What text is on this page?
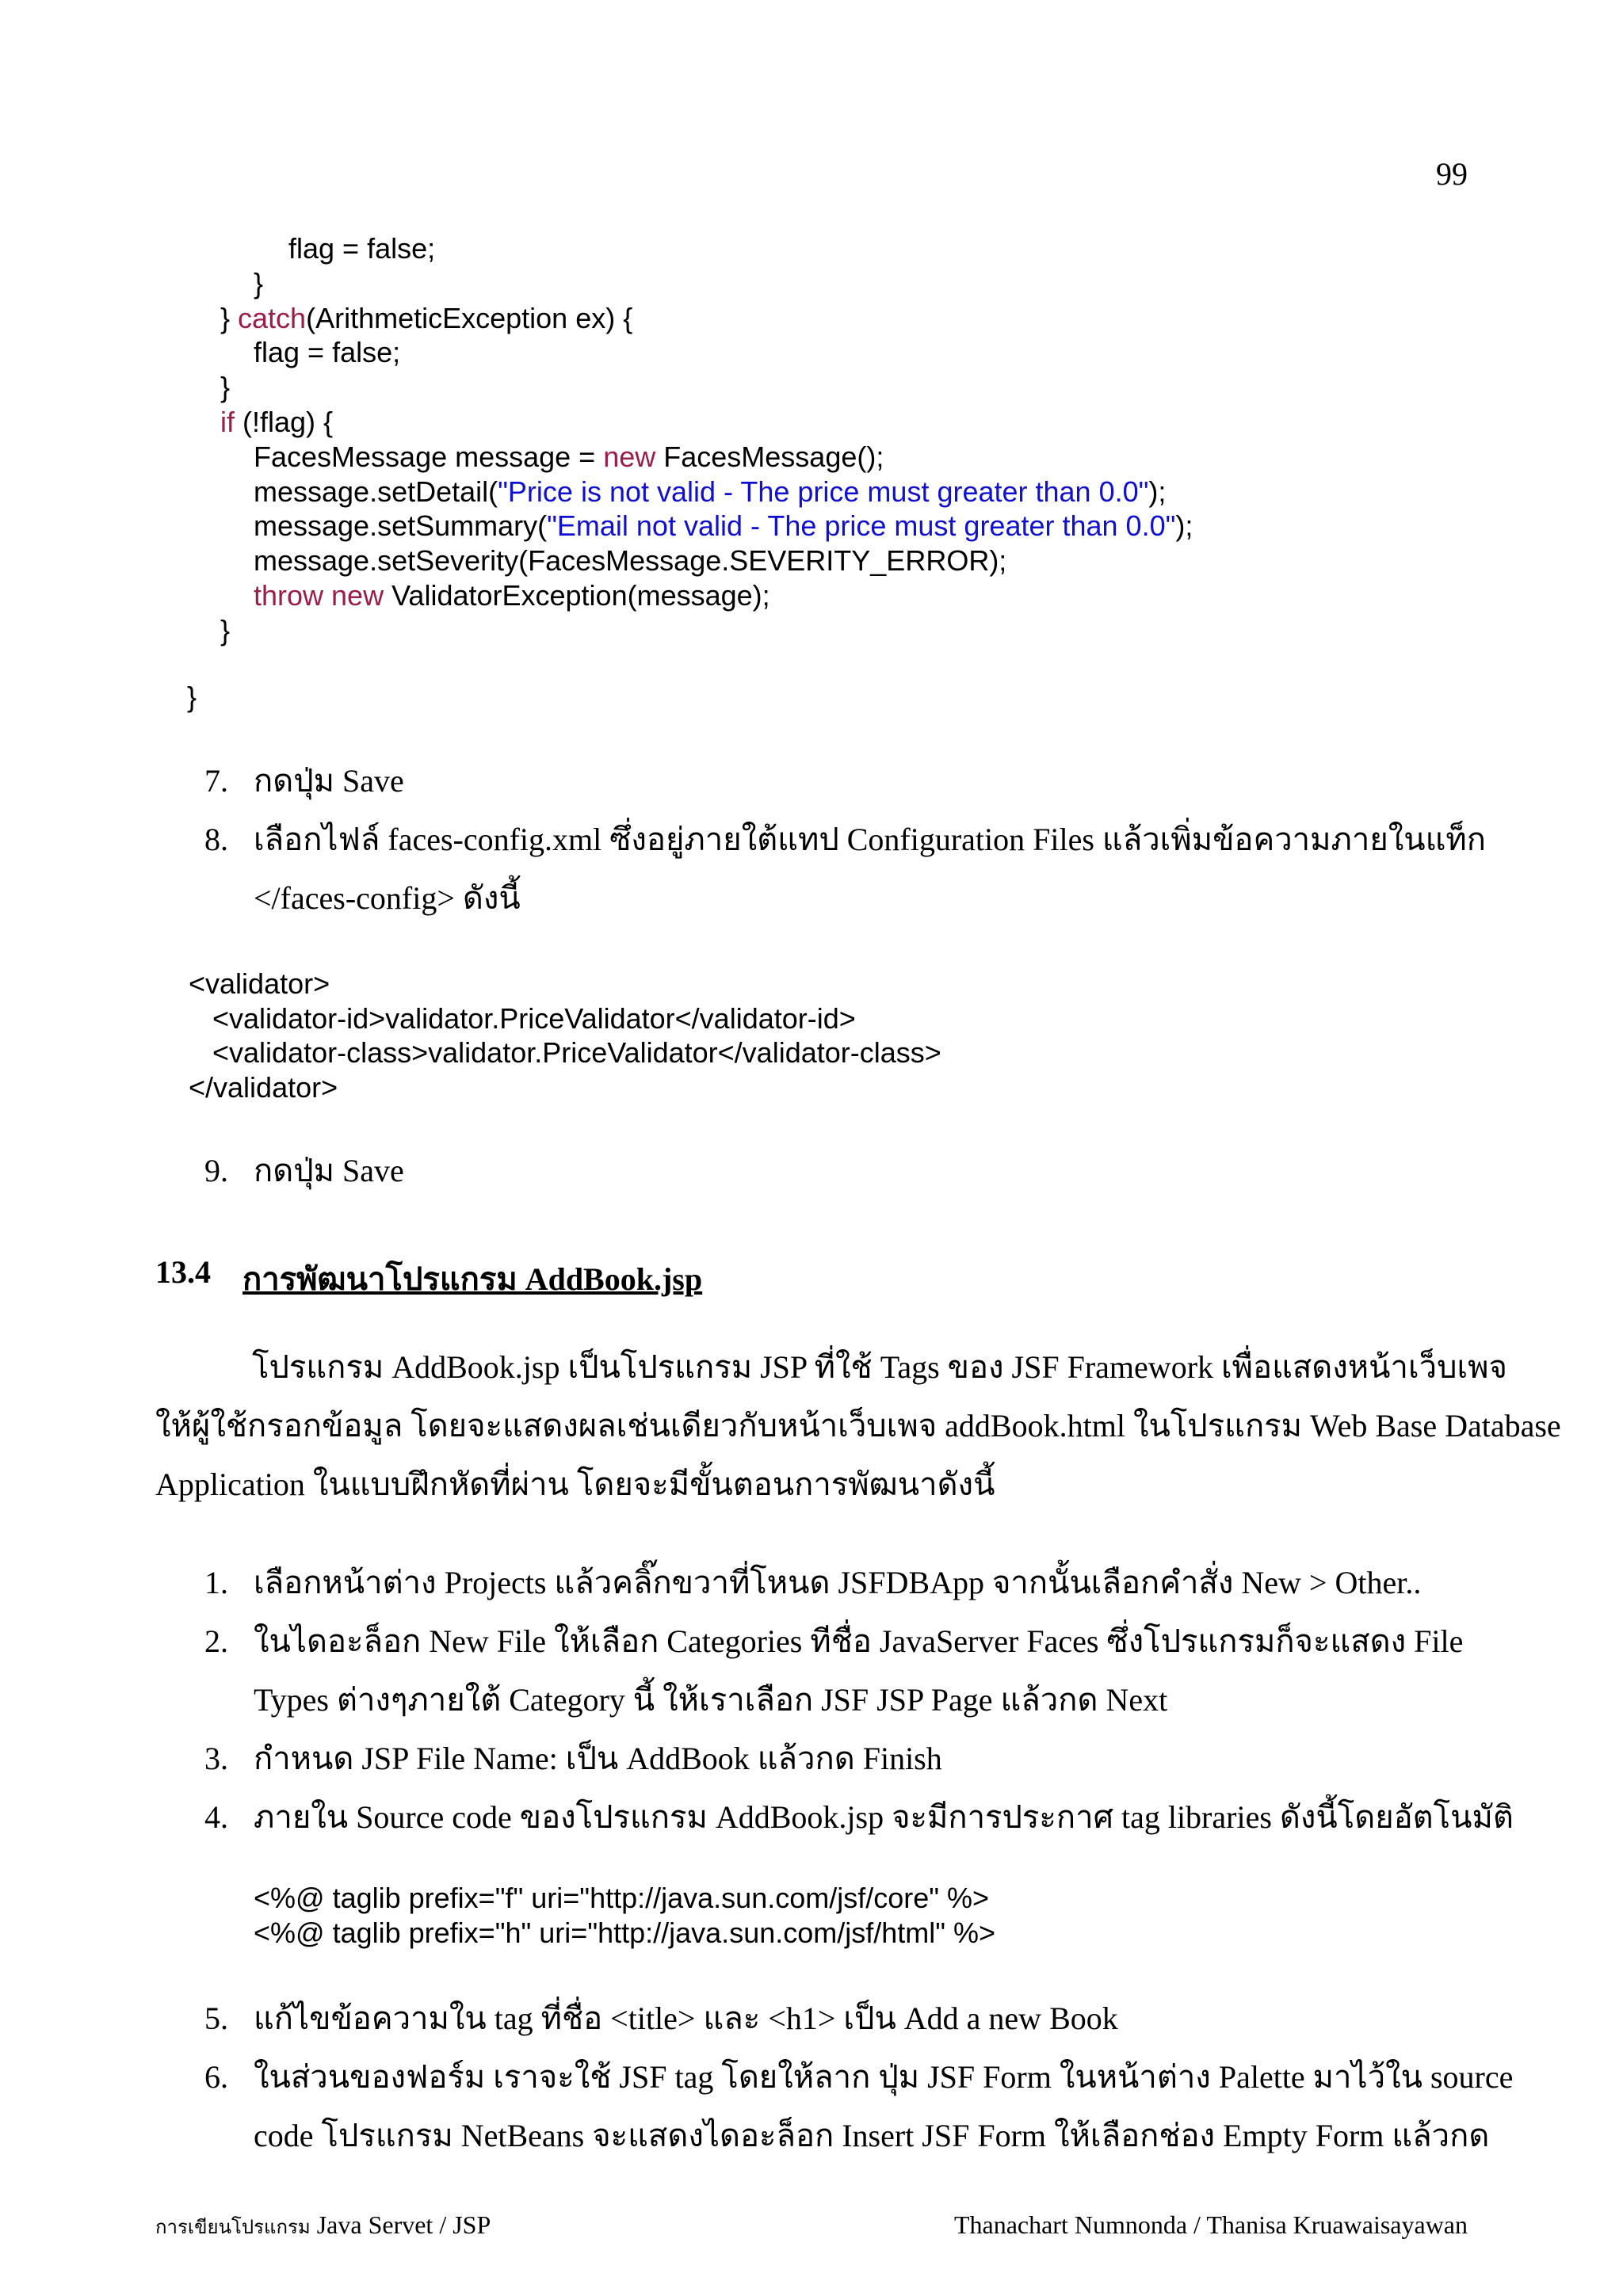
99
flag = false;
}
} catch(ArithmeticException ex) {
flag = false;
}
if (!flag) {
FacesMessage message = new FacesMessage();
message.setDetail("Price is not valid - The price must greater than 0.0");
message.setSummary("Email not valid - The price must greater than 0.0");
message.setSeverity(FacesMessage.SEVERITY_ERROR);
throw new ValidatorException(message);
}
}
7. กดปุ่ม Save
8. เลือกไฟล์ faces-config.xml ซึ่งอยู่ภายใต้แทป Configuration Files แล้วเพิ่มข้อความภายในแท็ก
</faces-config> ดังนี้
<validator>
<validator-id>validator.PriceValidator</validator-id>
<validator-class>validator.PriceValidator</validator-class>
</validator>
9. กดปุ่ม Save
13.4 การพัฒนาโปรแกรม AddBook.jsp
โปรแกรม AddBook.jsp เป็นโปรแกรม JSP ที่ใช้ Tags ของ JSF Framework เพื่อแสดงหน้าเว็บเพจ
ให้ผู้ใช้กรอกข้อมูล โดยจะแสดงผลเช่นเดียวกับหน้าเว็บเพจ addBook.html ในโปรแกรม Web Base Database
Application ในแบบฝึกหัดที่ผ่าน โดยจะมีขั้นตอนการพัฒนาดังนี้
1. เลือกหน้าต่าง Projects แล้วคลิ๊กขวาที่โหนด JSFDBApp จากนั้นเลือกคำสั่ง New > Other..
2. ในไดอะล็อก New File ให้เลือก Categories ทีชื่อ JavaServer Faces ซึ่งโปรแกรมก็จะแสดง File
Types ต่างๆภายใต้ Category นี้ ให้เราเลือก JSF JSP Page แล้วกด Next
3. กำหนด JSP File Name: เป็น AddBook แล้วกด Finish
4. ภายใน Source code ของโปรแกรม AddBook.jsp จะมีการประกาศ tag libraries ดังนี้โดยอัตโนมัติ
<%@ taglib prefix="f" uri="http://java.sun.com/jsf/core" %>
<%@ taglib prefix="h" uri="http://java.sun.com/jsf/html" %>
5. แก้ไขข้อความใน tag ที่ชื่อ <title> และ <h1> เป็น Add a new Book
6. ในส่วนของฟอร์ม เราจะใช้ JSF tag โดยให้ลาก ปุ่ม JSF Form ในหน้าต่าง Palette มาไว้ใน source
code โปรแกรม NetBeans จะแสดงไดอะล็อก Insert JSF Form ให้เลือกช่อง Empty Form แล้วกด
การเขียนโปรแกรม Java Servet / JSP	Thanachart Numnonda / Thanisa Kruawaisayawan
